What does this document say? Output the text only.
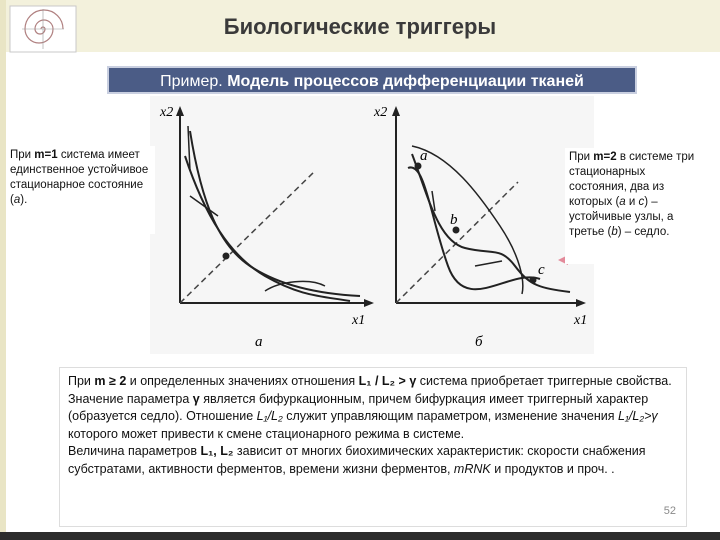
Биологические триггеры
Пример. Модель процессов дифференциации тканей
x2
x1
а
x2
x1
a
b
c
б
При m=1 система имеет единственное устойчивое стационарное состояние (а).
При m=2 в системе три стационарных состояния, два из которых (а и с) – устойчивые узлы, а третье (b) – седло.
При m ≥ 2 и определенных значениях отношения L₁ / L₂ > γ система приобретает триггерные свойства. Значение параметра γ является бифуркационным, причем бифуркация имеет триггерный характер (образуется седло). Отношение L₁/L₂ служит управляющим параметром, изменение значения L₁/L₂>γ которого может привести к смене стационарного режима в системе.
Величина параметров L₁, L₂ зависит от многих биохимических характеристик: скорости снабжения субстратами, активности ферментов, времени жизни ферментов, mRNK и продуктов и проч. .
52
